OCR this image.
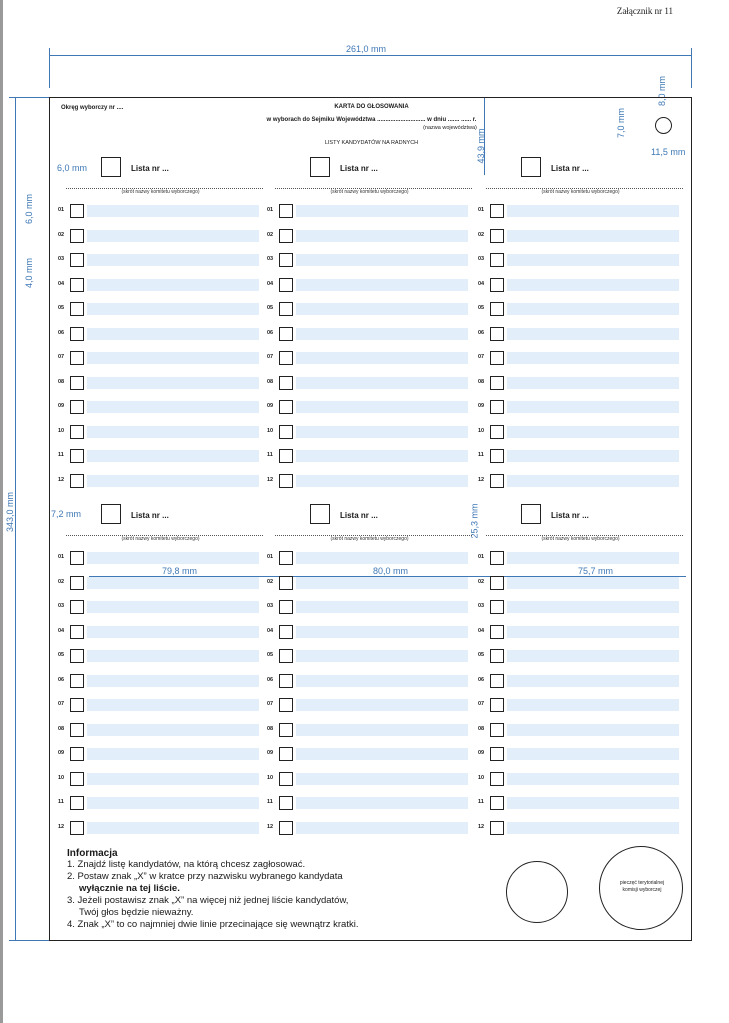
Załącznik nr 11
261,0 mm
343,0 mm
43,9 mm
8,0 mm
7,0 mm
11,5 mm
6,0 mm
6,0 mm
4,0 mm
7,2 mm	25,3 mm
79,8 mm	80,0 mm	75,7 mm
Okręg wyborczy nr ....	KARTA DO GŁOSOWANIA
w wyborach do Sejmiku Województwa ............................. w dniu ....... ...... r.
(nazwa województwa)
LISTY KANDYDATÓW NA RADNYCH
Lista nr ...
(skrót nazwy komitetu wyborczego)
01
02
03
04
05
06
07
08
09
10
11
12
Lista nr ...
(skrót nazwy komitetu wyborczego)
01
02
03
04
05
06
07
08
09
10
11
12
Lista nr ...
(skrót nazwy komitetu wyborczego)
01
02
03
04
05
06
07
08
09
10
11
12
Lista nr ...
(skrót nazwy komitetu wyborczego)
01
02
03
04
05
06
07
08
09
10
11
12
Lista nr ...
(skrót nazwy komitetu wyborczego)
01
02
03
04
05
06
07
08
09
10
11
12
Lista nr ...
(skrót nazwy komitetu wyborczego)
01
02
03
04
05
06
07
08
09
10
11
12
Informacja
1. Znajdź listę kandydatów, na którą chcesz zagłosować.
2. Postaw znak „X” w kratce przy nazwisku wybranego kandydata
wyłącznie na tej liście.
3. Jeżeli postawisz znak „X” na więcej niż jednej liście kandydatów,
Twój głos będzie nieważny.
4. Znak „X” to co najmniej dwie linie przecinające się wewnątrz kratki.
pieczęć terytorialnej
komisji wyborczej
